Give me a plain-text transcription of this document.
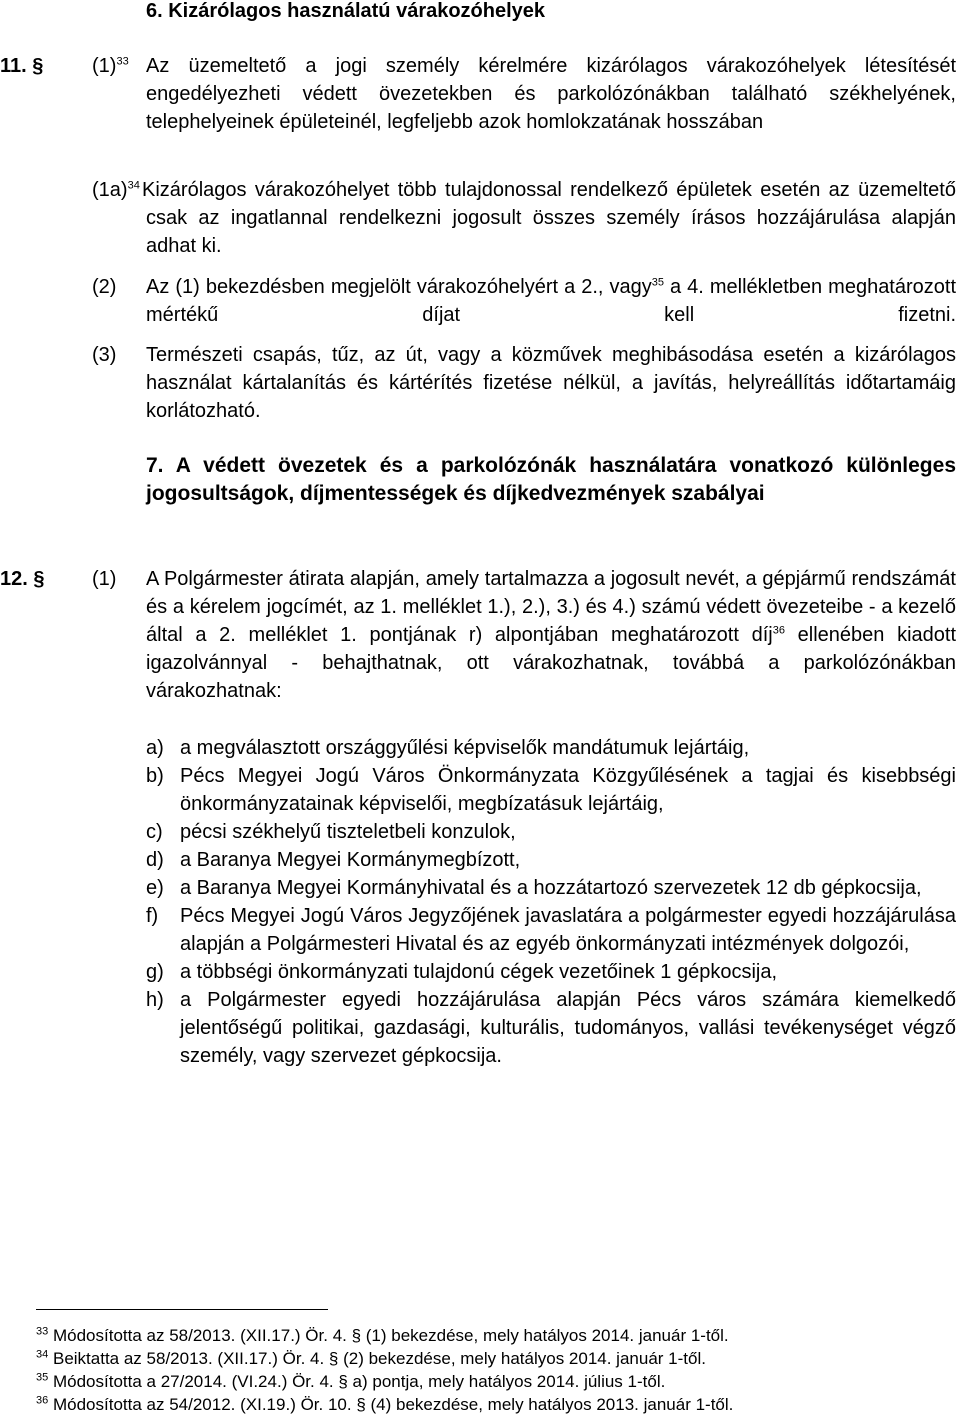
6. Kizárólagos használatú várakozóhelyek
11. § $(1)^{33}$ Az üzemeltető a jogi személy kérelmére kizárólagos várakozóhelyek létesítését engedélyezheti védett övezetekben és parkolózónákban található székhelyének, telephelyeinek épületeinél, legfeljebb azok homlokzatának hosszában
$(1a)^{34}$ Kizárólagos várakozóhelyet több tulajdonossal rendelkező épületek esetén az üzemeltető csak az ingatlannal rendelkezni jogosult összes személy írásos hozzájárulása alapján adhat ki.
(2) Az (1) bekezdésben megjelölt várakozóhelyért a 2., vagy$^{35}$ a 4. mellékletben meghatározott mértékű díjat kell fizetni.
(3) Természeti csapás, tűz, az út, vagy a közművek meghibásodása esetén a kizárólagos használat kártalanítás és kártérítés fizetése nélkül, a javítás, helyreállítás időtartamáig korlátozható.
7. A védett övezetek és a parkolózónák használatára vonatkozó különleges jogosultságok, díjmentességek és díjkedvezmények szabályai
12. § (1) A Polgármester átirata alapján, amely tartalmazza a jogosult nevét, a gépjármű rendszámát és a kérelem jogcímét, az 1. melléklet 1.), 2.), 3.) és 4.) számú védett övezeteibe - a kezelő által a 2. melléklet 1. pontjának r) alpontjában meghatározott díj$^{36}$ ellenében kiadott igazolvánnyal - behajthatnak, ott várakozhatnak, továbbá a parkolózónákban várakozhatnak:
a) a megválasztott országgyűlési képviselők mandátumuk lejártáig,
b) Pécs Megyei Jogú Város Önkormányzata Közgyűlésének a tagjai és kisebbségi önkormányzatainak képviselői, megbízatásuk lejártáig,
c) pécsi székhelyű tiszteletbeli konzulok,
d) a Baranya Megyei Kormánymegbízott,
e) a Baranya Megyei Kormányhivatal és a hozzátartozó szervezetek 12 db gépkocsija,
f)	Pécs Megyei Jogú Város Jegyzőjének javaslatára a polgármester egyedi hozzájárulása alapján a Polgármesteri Hivatal és az egyéb önkormányzati intézmények dolgozói,
g) a többségi önkormányzati tulajdonú cégek vezetőinek 1 gépkocsija,
h) a Polgármester egyedi hozzájárulása alapján Pécs város számára kiemelkedő jelentőségű politikai, gazdasági, kulturális, tudományos, vallási tevékenységet végző személy, vagy szervezet gépkocsija.
$^{33}$ Módosította az 58/2013. (XII.17.) Ör. 4. § (1) bekezdése, mely hatályos 2014. január 1-től.
$^{34}$ Beiktatta az 58/2013. (XII.17.) Ör. 4. § (2) bekezdése, mely hatályos 2014. január 1-től.
$^{35}$ Módosította a 27/2014. (VI.24.) Ör. 4. § a) pontja, mely hatályos 2014. július 1-től.
$^{36}$ Módosította az 54/2012. (XI.19.) Ör. 10. § (4) bekezdése, mely hatályos 2013. január 1-től.
